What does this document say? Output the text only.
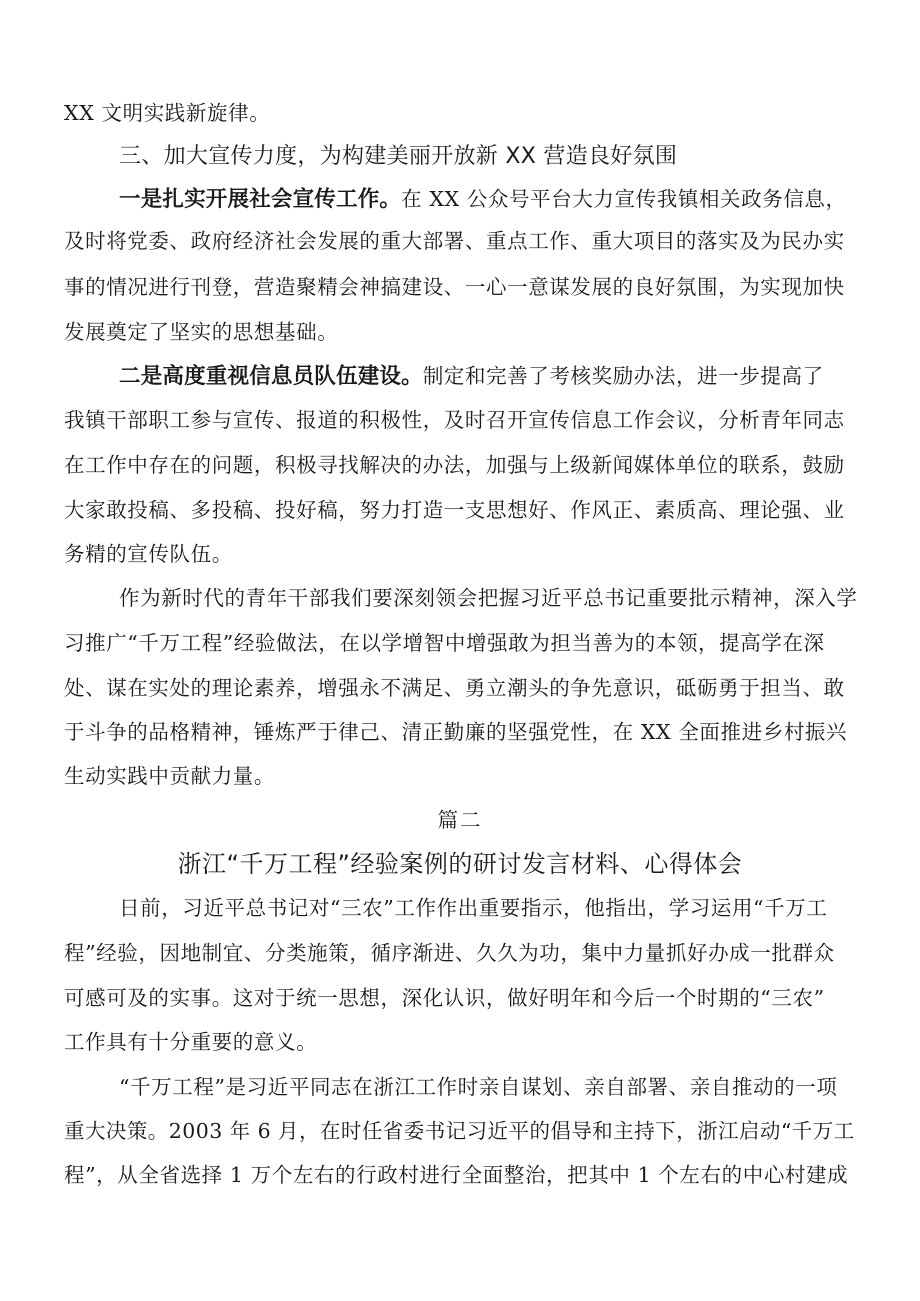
XX 文明实践新旋律。
三、加大宣传力度，为构建美丽开放新 XX 营造良好氛围
一是扎实开展社会宣传工作。在 XX 公众号平台大力宣传我镇相关政务信息，
及时将党委、政府经济社会发展的重大部署、重点工作、重大项目的落实及为民办实
事的情况进行刊登，营造聚精会神搞建设、一心一意谋发展的良好氛围，为实现加快
发展奠定了坚实的思想基础。
二是高度重视信息员队伍建设。制定和完善了考核奖励办法，进一步提高了
我镇干部职工参与宣传、报道的积极性，及时召开宣传信息工作会议，分析青年同志
在工作中存在的问题，积极寻找解决的办法，加强与上级新闻媒体单位的联系，鼓励
大家敢投稿、多投稿、投好稿，努力打造一支思想好、作风正、素质高、理论强、业
务精的宣传队伍。
作为新时代的青年干部我们要深刻领会把握习近平总书记重要批示精神，深入学
习推广“千万工程”经验做法，在以学增智中增强敢为担当善为的本领，提高学在深
处、谋在实处的理论素养，增强永不满足、勇立潮头的争先意识，砥砺勇于担当、敢
于斗争的品格精神，锤炼严于律己、清正勤廉的坚强党性，在 XX 全面推进乡村振兴
生动实践中贡献力量。
篇二
浙江“千万工程”经验案例的研讨发言材料、心得体会
日前，习近平总书记对“三农”工作作出重要指示，他指出，学习运用“千万工
程”经验，因地制宜、分类施策，循序渐进、久久为功，集中力量抓好办成一批群众
可感可及的实事。这对于统一思想，深化认识，做好明年和今后一个时期的“三农”
工作具有十分重要的意义。
“千万工程”是习近平同志在浙江工作时亲自谋划、亲自部署、亲自推动的一项
重大决策。2003 年 6 月，在时任省委书记习近平的倡导和主持下，浙江启动“千万工
程”，从全省选择 1 万个左右的行政村进行全面整治，把其中 1 个左右的中心村建成
